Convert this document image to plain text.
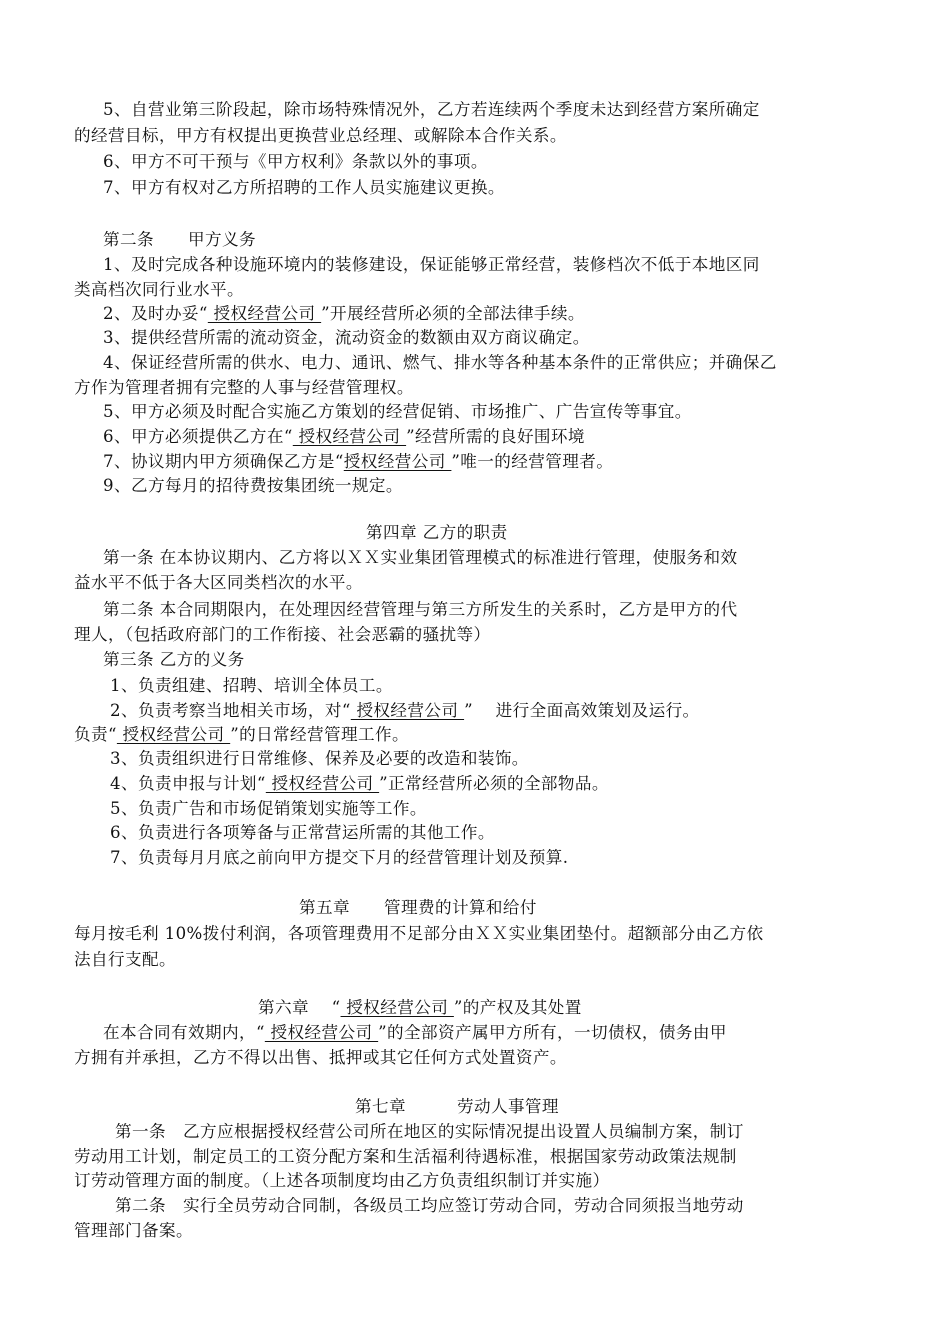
5、自营业第三阶段起，除市场特殊情况外，乙方若连续两个季度未达到经营方案所确定
的经营目标，甲方有权提出更换营业总经理、或解除本合作关系。
6、甲方不可干预与《甲方权利》条款以外的事项。
7、甲方有权对乙方所招聘的工作人员实施建议更换。
第二条　　甲方义务
1、及时完成各种设施环境内的装修建设，保证能够正常经营，装修档次不低于本地区同
类高档次同行业水平。
2、及时办妥“ 授权经营公司 ”开展经营所必须的全部法律手续。
3、提供经营所需的流动资金，流动资金的数额由双方商议确定。
4、保证经营所需的供水、电力、通讯、燃气、排水等各种基本条件的正常供应；并确保乙
方作为管理者拥有完整的人事与经营管理权。
5、甲方必须及时配合实施乙方策划的经营促销、市场推广、广告宣传等事宜。
6、甲方必须提供乙方在“ 授权经营公司 ”经营所需的良好围环境
7、协议期内甲方须确保乙方是“授权经营公司 ”唯一的经营管理者。
9、乙方每月的招待费按集团统一规定。
第四章 乙方的职责
第一条 在本协议期内、乙方将以ＸＸ实业集团管理模式的标准进行管理，使服务和效
益水平不低于各大区同类档次的水平。
第二条 本合同期限内，在处理因经营管理与第三方所发生的关系时，乙方是甲方的代
理人，（包括政府部门的工作衔接、社会恶霸的骚扰等）
第三条 乙方的义务
1、负责组建、招聘、培训全体员工。
2、负责考察当地相关市场，对“ 授权经营公司 ”　 进行全面高效策划及运行。
负责“ 授权经营公司 ”的日常经营管理工作。
3、负责组织进行日常维修、保养及必要的改造和装饰。
4、负责申报与计划“ 授权经营公司 ”正常经营所必须的全部物品。
5、负责广告和市场促销策划实施等工作。
6、负责进行各项筹备与正常营运所需的其他工作。
7、负责每月月底之前向甲方提交下月的经营管理计划及预算.
第五章　　管理费的计算和给付
每月按毛利 10%拨付利润，各项管理费用不足部分由ＸＸ实业集团垫付。超额部分由乙方依
法自行支配。
第六章　 “ 授权经营公司 ”的产权及其处置
在本合同有效期内，“ 授权经营公司 ”的全部资产属甲方所有，一切债权，债务由甲
方拥有并承担，乙方不得以出售、抵押或其它任何方式处置资产。
第七章　　　劳动人事管理
第一条　乙方应根据授权经营公司所在地区的实际情况提出设置人员编制方案，制订
劳动用工计划，制定员工的工资分配方案和生活福利待遇标准，根据国家劳动政策法规制
订劳动管理方面的制度。（上述各项制度均由乙方负责组织制订并实施）
第二条　实行全员劳动合同制，各级员工均应签订劳动合同，劳动合同须报当地劳动
管理部门备案。
